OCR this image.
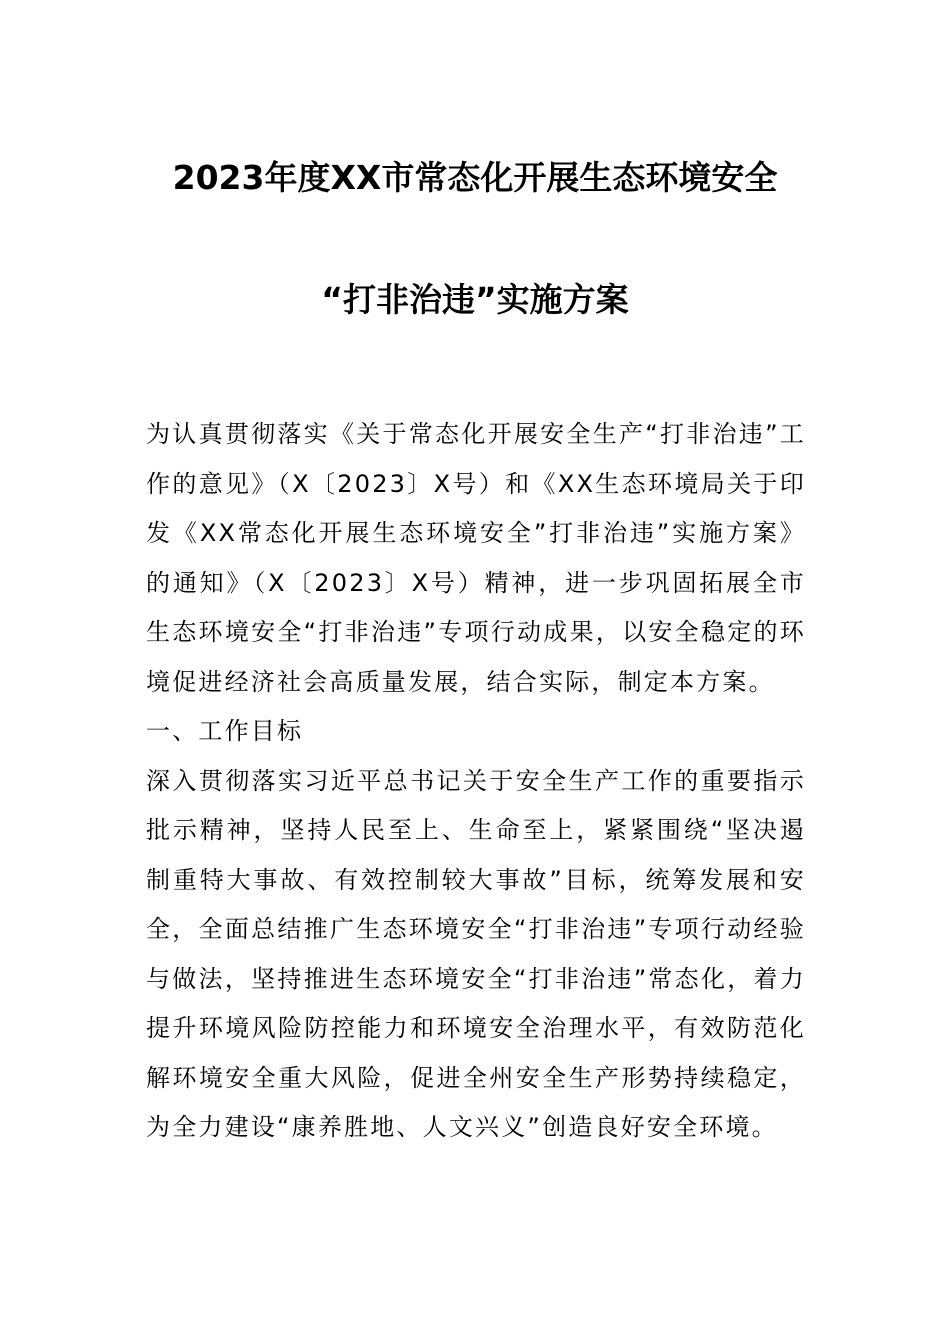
2023年度XX市常态化开展生态环境安全
“打非治违”实施方案

为认真贯彻落实《关于常态化开展安全生产“打非治违”工作的意见》（X〔2023〕X号）和《XX生态环境局关于印发《XX常态化开展生态环境安全”打非治违”实施方案》的通知》（X〔2023〕X号）精神，进一步巩固拓展全市生态环境安全“打非治违”专项行动成果，以安全稳定的环境促进经济社会高质量发展，结合实际，制定本方案。

一、工作目标

深入贯彻落实习近平总书记关于安全生产工作的重要指示批示精神，坚持人民至上、生命至上，紧紧围绕“坚决遏制重特大事故、有效控制较大事故”目标，统筹发展和安全，全面总结推广生态环境安全“打非治违”专项行动经验与做法，坚持推进生态环境安全“打非治违”常态化，着力提升环境风险防控能力和环境安全治理水平，有效防范化解环境安全重大风险，促进全州安全生产形势持续稳定，为全力建设“康养胜地、人文兴义”创造良好安全环境。
